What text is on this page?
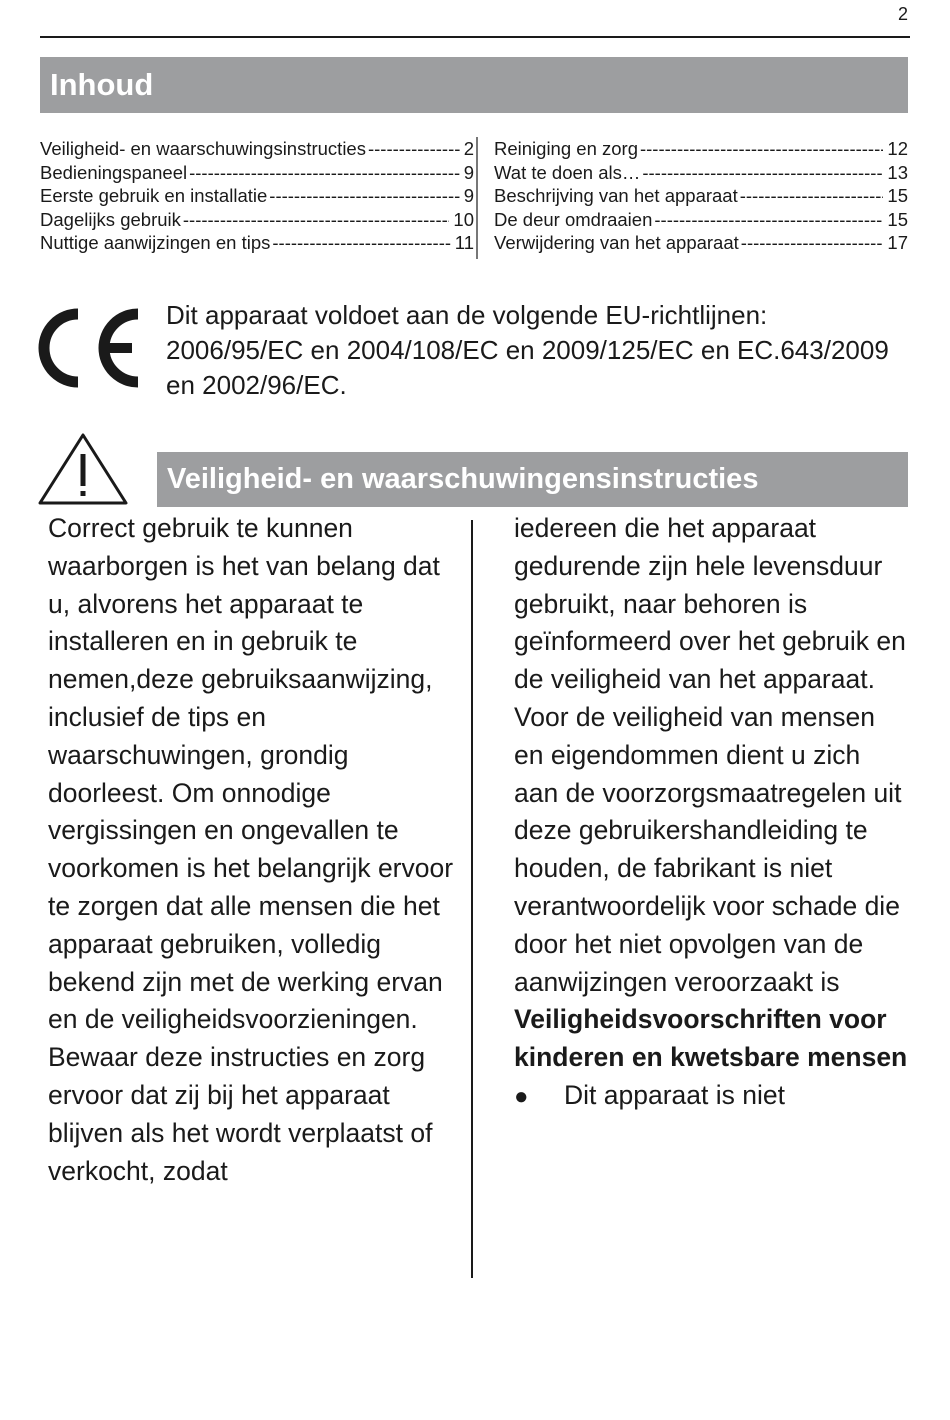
2
Inhoud
Veiligheid- en waarschuwingsinstructies -----	2
Bedieningspaneel -----	9
Eerste gebruik en installatie -----	9
Dagelijks gebruik -----	10
Nuttige aanwijzingen en tips -----	11
Reiniging en zorg -----	12
Wat te doen als… -----	13
Beschrijving van het apparaat -----	15
De deur omdraaien -----	15
Verwijdering van het apparaat -----	17

Dit apparaat voldoet aan de volgende EU-richtlijnen: 2006/95/EC en 2004/108/EC en 2009/125/EC en EC.643/2009 en 2002/96/EC.

Veiligheid- en waarschuwingensinstructies

Correct gebruik te kunnen waarborgen is het van belang dat u, alvorens het apparaat te installeren en in gebruik te nemen,deze gebruiksaanwijzing, inclusief de tips en waarschuwingen, grondig doorleest. Om onnodige vergissingen en ongevallen te voorkomen is het belangrijk ervoor te zorgen dat alle mensen die het apparaat gebruiken, volledig bekend zijn met de werking ervan en de veiligheidsvoorzieningen.

Bewaar deze instructies en zorg ervoor dat zij bij het apparaat blijven als het wordt verplaatst of verkocht, zodat

iedereen die het apparaat gedurende zijn hele levensduur gebruikt, naar behoren is geïnformeerd over het gebruik en de veiligheid van het apparaat.

Voor de veiligheid van mensen en eigendommen dient u zich aan de voorzorgsmaatregelen uit deze gebruikershandleiding te houden, de fabrikant is niet verantwoordelijk voor schade die door het niet opvolgen van de aanwijzingen veroorzaakt is

Veiligheidsvoorschriften voor kinderen en kwetsbare mensen

●	Dit apparaat is niet
